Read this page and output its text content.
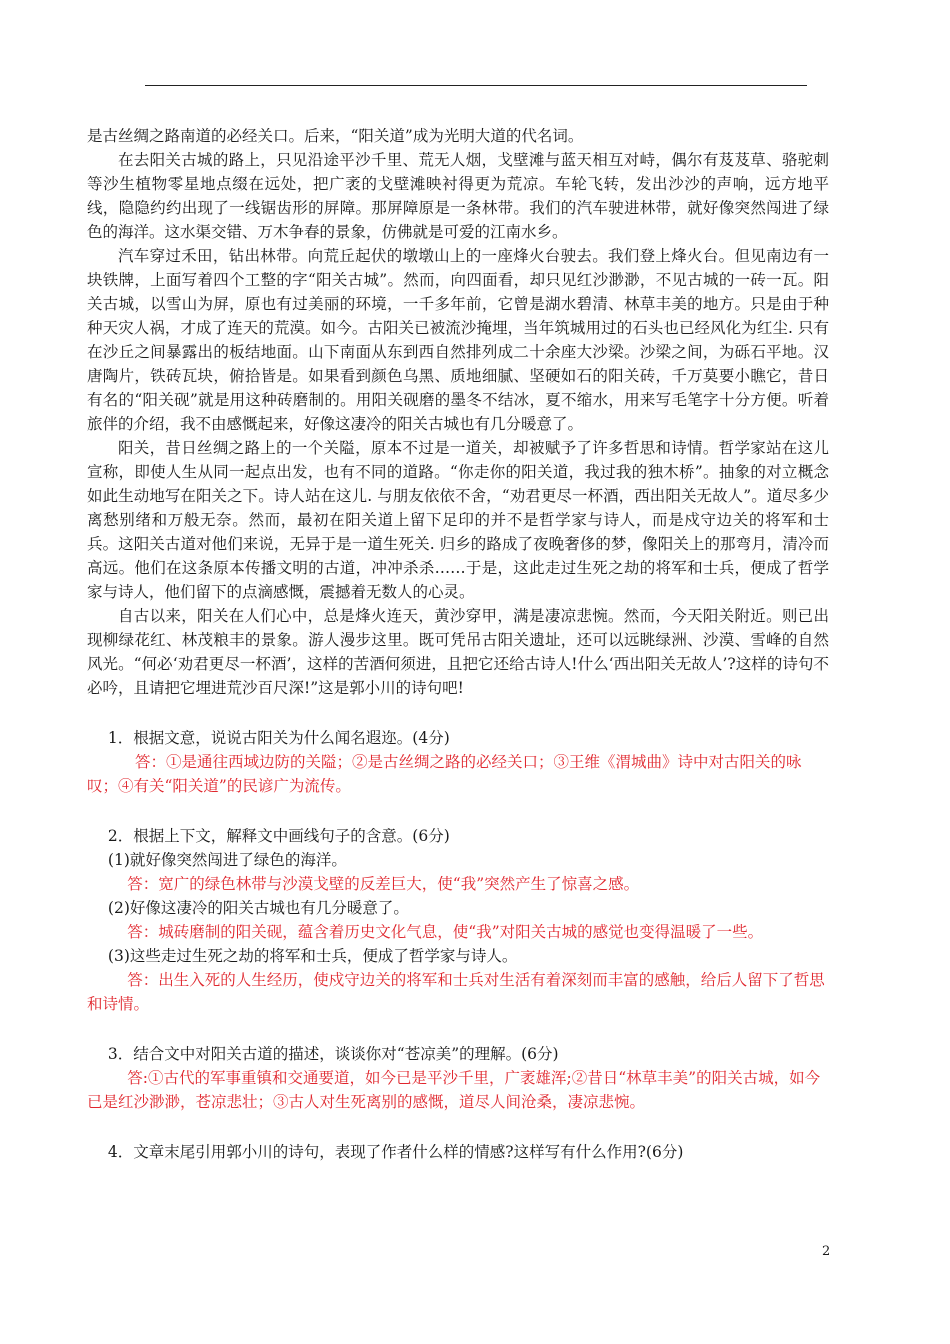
是古丝绸之路南道的必经关口。后来，“阳关道”成为光明大道的代名词。

在去阳关古城的路上，只见沿途平沙千里、荒无人烟，戈壁滩与蓝天相互对峙，偶尔有芨芨草、骆驼刺等沙生植物零星地点缀在远处，把广袤的戈壁滩映衬得更为荒凉。车轮飞转，发出沙沙的声响，远方地平线，隐隐约约出现了一线锯齿形的屏障。那屏障原是一条林带。我们的汽车驶进林带，就好像突然闯进了绿色的海洋。这水渠交错、万木争春的景象，仿佛就是可爱的江南水乡。

汽车穿过禾田，钻出林带。向荒丘起伏的墩墩山上的一座烽火台驶去。我们登上烽火台。但见南边有一块铁牌，上面写着四个工整的字“阳关古城”。然而，向四面看，却只见红沙渺渺，不见古城的一砖一瓦。阳关古城，以雪山为屏，原也有过美丽的环境，一千多年前，它曾是湖水碧清、林草丰美的地方。只是由于种种天灾人祸，才成了连天的荒漠。如今。古阳关已被流沙掩埋，当年筑城用过的石头也已经风化为红尘. 只有在沙丘之间暴露出的板结地面。山下南面从东到西自然排列成二十余座大沙梁。沙梁之间，为砾石平地。汉唐陶片，铁砖瓦块，俯拾皆是。如果看到颜色乌黑、质地细腻、坚硬如石的阳关砖，千万莫要小瞧它，昔日有名的“阳关砚”就是用这种砖磨制的。用阳关砚磨的墨冬不结冰，夏不缩水，用来写毛笔字十分方便。听着旅伴的介绍，我不由感慨起来，好像这凄冷的阳关古城也有几分暖意了。

阳关，昔日丝绸之路上的一个关隘，原本不过是一道关，却被赋予了许多哲思和诗情。哲学家站在这儿宣称，即使人生从同一起点出发，也有不同的道路。“你走你的阳关道，我过我的独木桥”。抽象的对立概念如此生动地写在阳关之下。诗人站在这儿. 与朋友依依不舍，“劝君更尽一杯酒，西出阳关无故人”。道尽多少离愁别绪和万般无奈。然而，最初在阳关道上留下足印的并不是哲学家与诗人，而是戍守边关的将军和士兵。这阳关古道对他们来说，无异于是一道生死关. 归乡的路成了夜晚奢侈的梦，像阳关上的那弯月，清冷而高远。他们在这条原本传播文明的古道，冲冲杀杀……于是，这此走过生死之劫的将军和士兵，便成了哲学家与诗人，他们留下的点滴感慨，震撼着无数人的心灵。

自古以来，阳关在人们心中，总是烽火连天，黄沙穿甲，满是凄凉悲惋。然而，今天阳关附近。则已出现柳绿花红、林茂粮丰的景象。游人漫步这里。既可凭吊古阳关遗址，还可以远眺绿洲、沙漠、雪峰的自然风光。“何必‘劝君更尽一杯酒’，这样的苦酒何须进，且把它还给古诗人!什么‘西出阳关无故人’?这样的诗句不必吟，且请把它埋进荒沙百尺深!”这是郭小川的诗句吧!

1．根据文意，说说古阳关为什么闻名遐迩。(4分)

答：①是通往西域边防的关隘；②是古丝绸之路的必经关口；③王维《渭城曲》诗中对古阳关的咏叹；④有关“阳关道”的民谚广为流传。

2．根据上下文，解释文中画线句子的含意。(6分)

(1)就好像突然闯进了绿色的海洋。

答：宽广的绿色林带与沙漠戈壁的反差巨大，使“我”突然产生了惊喜之感。

(2)好像这凄冷的阳关古城也有几分暖意了。

答：城砖磨制的阳关砚，蕴含着历史文化气息，使“我”对阳关古城的感觉也变得温暖了一些。

(3)这些走过生死之劫的将军和士兵，便成了哲学家与诗人。

答：出生入死的人生经历，使戍守边关的将军和士兵对生活有着深刻而丰富的感触，给后人留下了哲思和诗情。

3．结合文中对阳关古道的描述，谈谈你对“苍凉美”的理解。(6分)

答:①古代的军事重镇和交通要道，如今已是平沙千里，广袤雄浑;②昔日“林草丰美”的阳关古城，如今已是红沙渺渺，苍凉悲壮；③古人对生死离别的感慨，道尽人间沧桑，凄凉悲惋。

4．文章末尾引用郭小川的诗句，表现了作者什么样的情感?这样写有什么作用?(6分)

2
